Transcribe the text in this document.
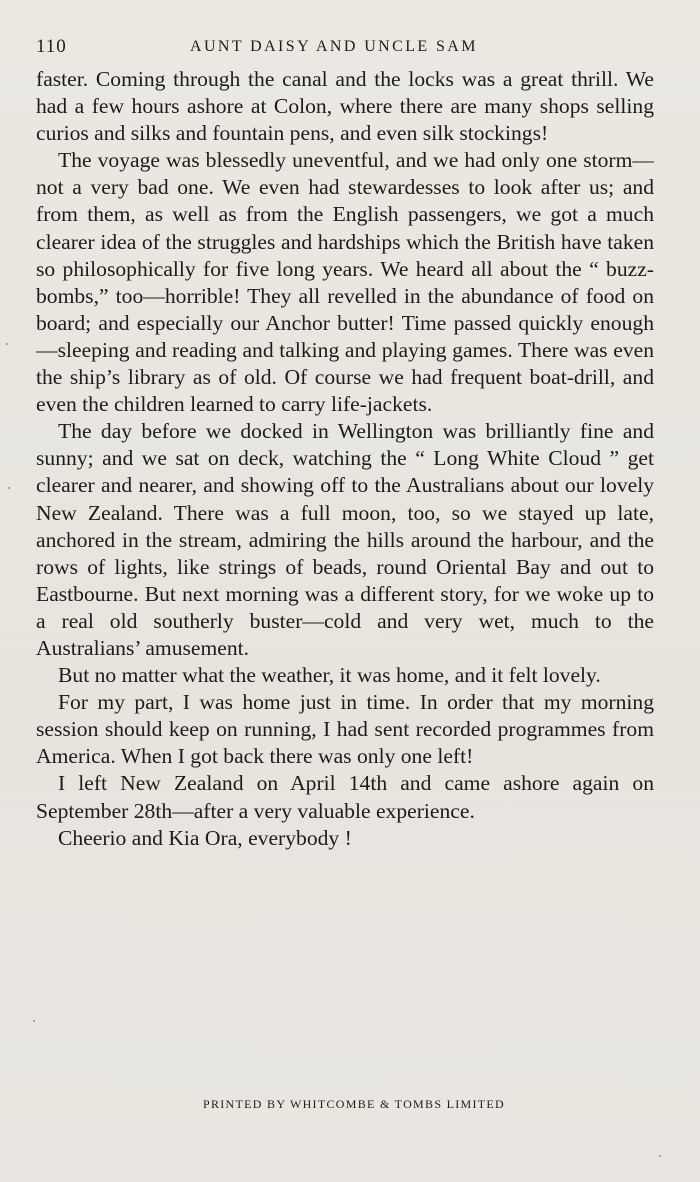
110	AUNT DAISY AND UNCLE SAM

faster. Coming through the canal and the locks was a great thrill. We had a few hours ashore at Colon, where there are many shops selling curios and silks and fountain pens, and even silk stockings!

The voyage was blessedly uneventful, and we had only one storm—not a very bad one. We even had stewardesses to look after us; and from them, as well as from the English passengers, we got a much clearer idea of the struggles and hardships which the British have taken so philosophically for five long years. We heard all about the “ buzz-bombs,” too—horrible! They all revelled in the abundance of food on board; and especially our Anchor butter! Time passed quickly enough—sleeping and reading and talking and playing games. There was even the ship’s library as of old. Of course we had frequent boat-drill, and even the children learned to carry life-jackets.

The day before we docked in Wellington was brilliantly fine and sunny; and we sat on deck, watching the “ Long White Cloud ” get clearer and nearer, and showing off to the Australians about our lovely New Zealand. There was a full moon, too, so we stayed up late, anchored in the stream, admiring the hills around the harbour, and the rows of lights, like strings of beads, round Oriental Bay and out to Eastbourne. But next morning was a different story, for we woke up to a real old southerly buster—cold and very wet, much to the Australians’ amusement.

But no matter what the weather, it was home, and it felt lovely.

For my part, I was home just in time. In order that my morning session should keep on running, I had sent recorded programmes from America. When I got back there was only one left!

I left New Zealand on April 14th and came ashore again on September 28th—after a very valuable experience.

Cheerio and Kia Ora, everybody !

PRINTED BY WHITCOMBE & TOMBS LIMITED
